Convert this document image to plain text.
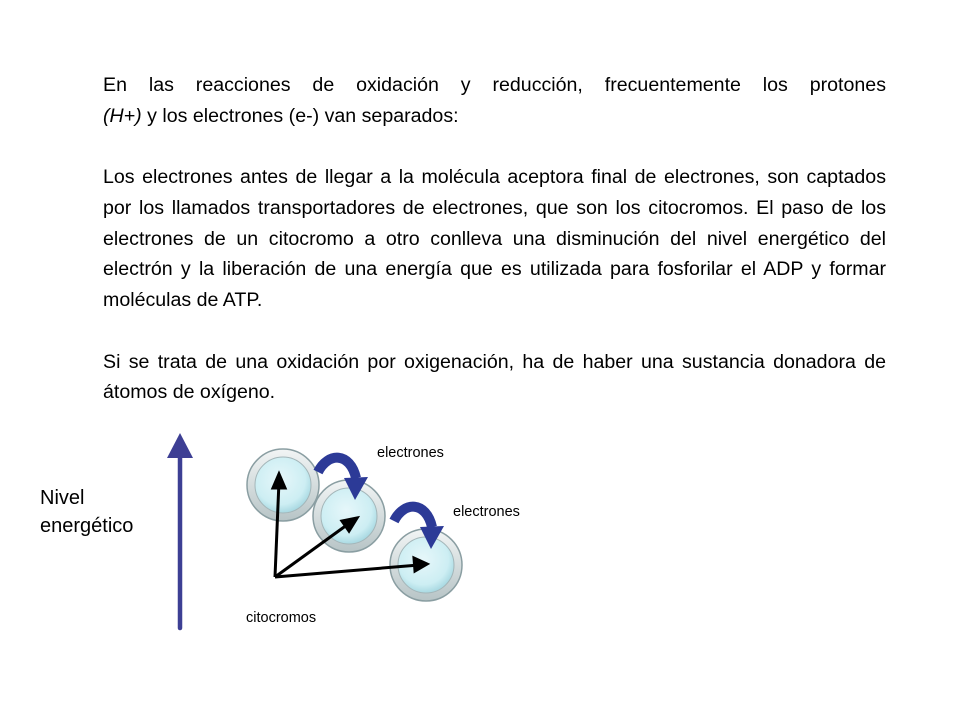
En las reacciones de oxidación y reducción, frecuentemente los protones
(H+) y los electrones (e-) van separados:

Los electrones antes de llegar a la molécula aceptora final de electrones, son captados por los llamados transportadores de electrones, que son los citocromos. El paso de los electrones de un citocromo a otro conlleva una disminución del nivel energético del electrón y la liberación de una energía que es utilizada para fosforilar el ADP y formar moléculas de ATP.

Si se trata de una oxidación por oxigenación, ha de haber una sustancia donadora de átomos de oxígeno.

Nivel
energético
electrones
electrones
citocromos
